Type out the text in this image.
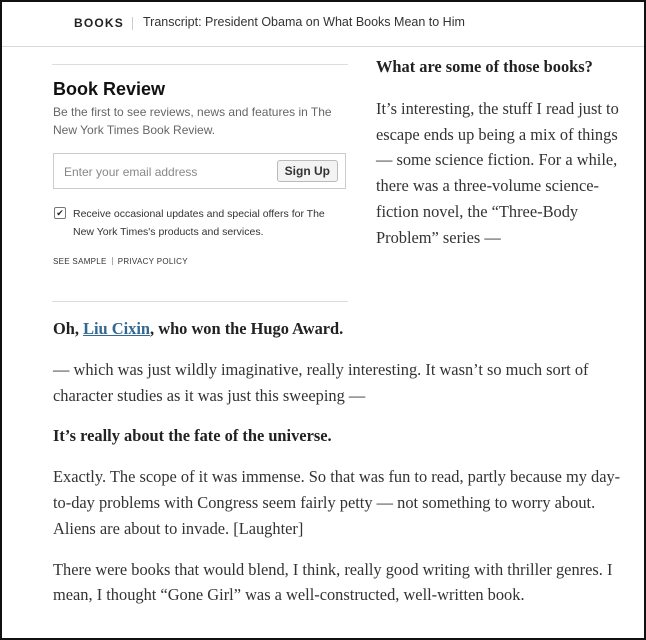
BOOKS Transcript: President Obama on What Books Mean to Him
Book Review
Be the first to see reviews, news and features in The New York Times Book Review.
Enter your email address
Sign Up
✔ Receive occasional updates and special offers for The New York Times's products and services.
SEE SAMPLE PRIVACY POLICY

What are some of those books?

It’s interesting, the stuff I read just to escape ends up being a mix of things — some science fiction. For a while, there was a three-volume science-fiction novel, the “Three-Body Problem” series —

Oh, Liu Cixin, who won the Hugo Award.

— which was just wildly imaginative, really interesting. It wasn’t so much sort of character studies as it was just this sweeping —

It’s really about the fate of the universe.

Exactly. The scope of it was immense. So that was fun to read, partly because my day-to-day problems with Congress seem fairly petty — not something to worry about. Aliens are about to invade. [Laughter]

There were books that would blend, I think, really good writing with thriller genres. I mean, I thought “Gone Girl” was a well-constructed, well-written book.
